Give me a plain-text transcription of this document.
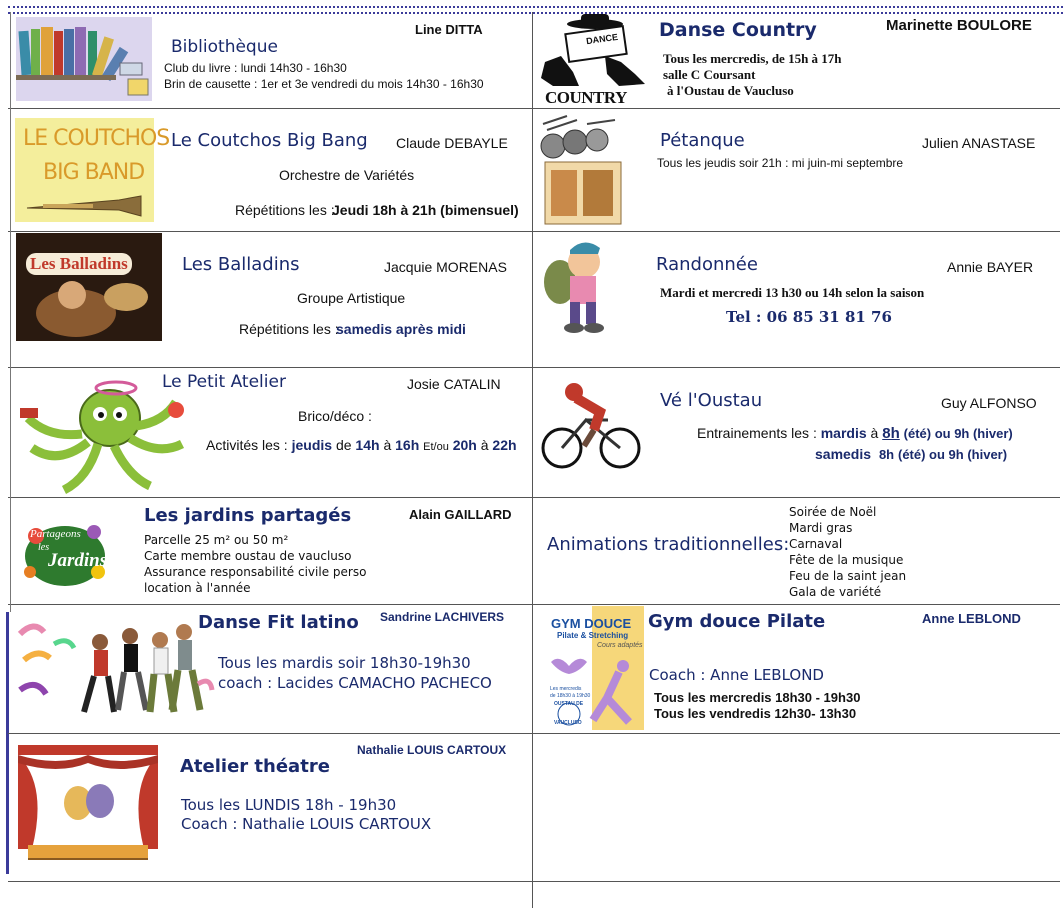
Bibliothèque
Line DITTA
Club du livre : lundi 14h30 - 16h30
Brin de causette : 1er et 3e vendredi du mois 14h30 - 16h30
DANCE
COUNTRY
Danse Country	Marinette BOULORE
Tous les mercredis, de 15h à 17h
salle C Coursant
à l'Oustau de Vaucluso
LE COUTCHOS
BIG BAND
Le Coutchos Big Bang Claude DEBAYLE
Orchestre de Variétés
Répétitions les :
Jeudi 18h à 21h (bimensuel)
Pétanque	Julien ANASTASE
Tous les jeudis soir 21h : mi juin-mi septembre
Les Balladins	Les Balladins	Jacquie MORENAS
Groupe Artistique
Répétitions les :
samedis après midi
Randonnée	Annie BAYER
Mardi et mercredi 13 h30 ou 14h selon la saison
Tel : 06 85 31 81 76
Le Petit Atelier	Josie CATALIN
Brico/déco :
Activités les : jeudis de 14h à 16h Et/ou 20h à 22h
Vé l'Oustau	Guy ALFONSO
Entrainements les : mardis à 8h (été) ou 9h (hiver)
samedis 8h (été) ou 9h (hiver)
Partageons
les
Jardins
Les jardins partagés	Alain GAILLARD
Parcelle 25 m² ou 50 m²
Carte membre oustau de vaucluso
Assurance responsabilité civile perso
location à l'année
Animations traditionnelles:
Soirée de Noël
Mardi gras
Carnaval
Fête de la musique
Feu de la saint jean
Gala de variété
Danse Fit latino Sandrine LACHIVERS
Tous les mardis soir 18h30-19h30
coach : Lacides CAMACHO PACHECO
GYM DOUCE
Pilate & Stretching
Cours adaptés
Les mercredis
de 18h30 à 19h30
OUSTAU DE
VAUCLUSO
Gym douce Pilate	Anne LEBLOND
Coach : Anne LEBLOND
Tous les mercredis 18h30 - 19h30
Tous les vendredis 12h30- 13h30
Atelier théatre
Nathalie LOUIS CARTOUX
Tous les LUNDIS 18h - 19h30
Coach : Nathalie LOUIS CARTOUX
